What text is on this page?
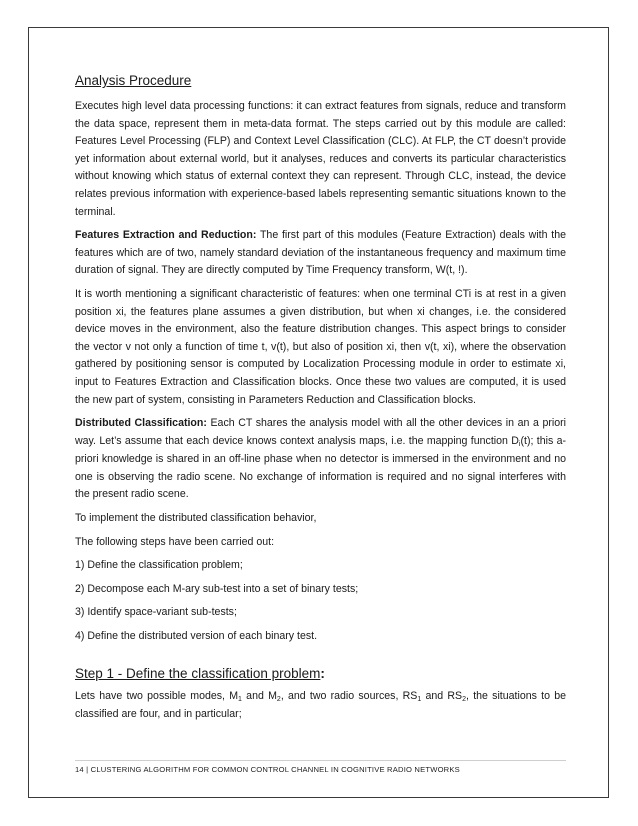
Analysis Procedure

Executes high level data processing functions: it can extract features from signals, reduce and transform the data space, represent them in meta-data format. The steps carried out by this module are called: Features Level Processing (FLP) and Context Level Classification (CLC). At FLP, the CT doesn’t provide yet information about external world, but it analyses, reduces and converts its particular characteristics without knowing which status of external context they can represent. Through CLC, instead, the device relates previous information with experience-based labels representing semantic situations known to the terminal.

Features Extraction and Reduction: The first part of this modules (Feature Extraction) deals with the features which are of two, namely standard deviation of the instantaneous frequency and maximum time duration of signal. They are directly computed by Time Frequency transform, W(t, !).

It is worth mentioning a significant characteristic of features: when one terminal CTi is at rest in a given position xi, the features plane assumes a given distribution, but when xi changes, i.e. the considered device moves in the environment, also the feature distribution changes. This aspect brings to consider the vector v not only a function of time t, v(t), but also of position xi, then v(t, xi), where the observation gathered by positioning sensor is computed by Localization Processing module in order to estimate xi, input to Features Extraction and Classification blocks. Once these two values are computed, it is used the new part of system, consisting in Parameters Reduction and Classification blocks.

Distributed Classification: Each CT shares the analysis model with all the other devices in an a priori way. Let’s assume that each device knows context analysis maps, i.e. the mapping function $D_i(t)$; this a-priori knowledge is shared in an off-line phase when no detector is immersed in the environment and no one is observing the radio scene. No exchange of information is required and no signal interferes with the present radio scene.

To implement the distributed classification behavior,

The following steps have been carried out:

1) Define the classification problem;

2) Decompose each M-ary sub-test into a set of binary tests;

3) Identify space-variant sub-tests;

4) Define the distributed version of each binary test.

Step 1 - Define the classification problem:

Lets have two possible modes, $M_1$ and $M_2$, and two radio sources, $RS_1$ and $RS_2$, the situations to be classified are four, and in particular;

14 | CLUSTERING ALGORITHM FOR COMMON CONTROL CHANNEL IN COGNITIVE RADIO NETWORKS
